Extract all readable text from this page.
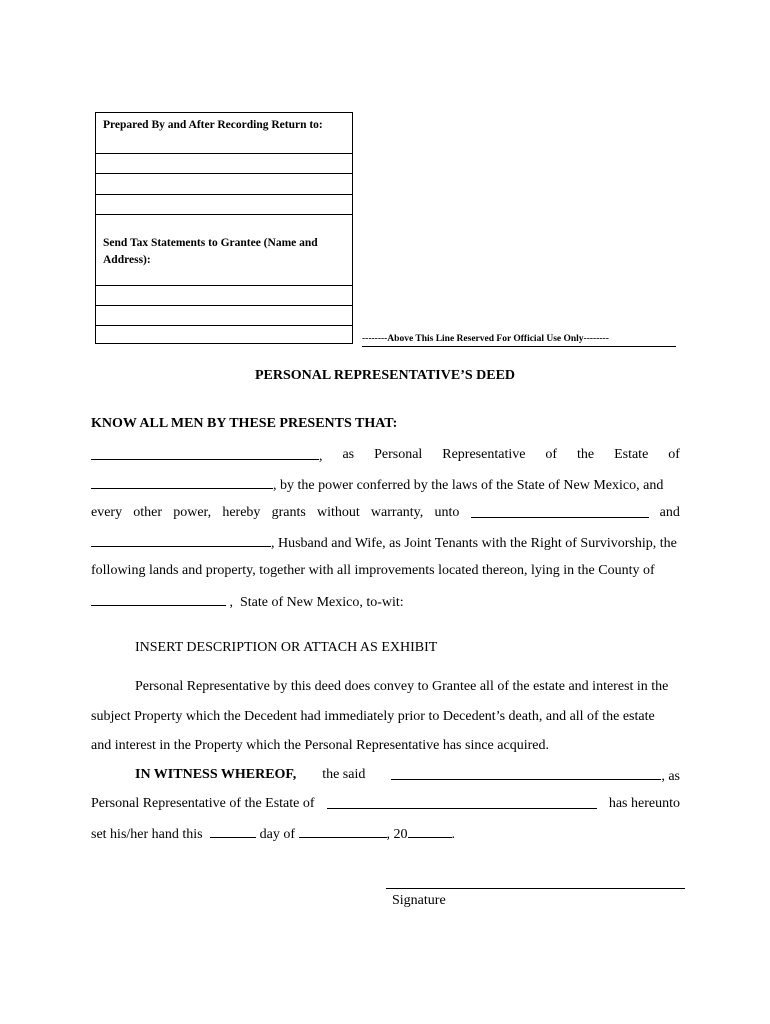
Prepared By and After Recording Return to:
Send Tax Statements to Grantee (Name and Address):
--------Above This Line Reserved For Official Use Only--------
PERSONAL REPRESENTATIVE’S DEED
KNOW ALL MEN BY THESE PRESENTS THAT:
, as Personal Representative of the Estate of
, by the power conferred by the laws of the State of New Mexico, and
every other power, hereby grants without warranty, unto	and
, Husband and Wife, as Joint Tenants with the Right of Survivorship, the
following lands and property, together with all improvements located thereon, lying in the County of
,  State of New Mexico, to-wit:
INSERT DESCRIPTION OR ATTACH AS EXHIBIT
Personal Representative by this deed does convey to Grantee all of the estate and interest in the
subject Property which the Decedent had immediately prior to Decedent’s death, and all of the estate
and interest in the Property which the Personal Representative has since acquired.
IN WITNESS WHEREOF, the said	, as
Personal Representative of the Estate of	has hereunto
set his/her hand this	day of	, 20	.
Signature
